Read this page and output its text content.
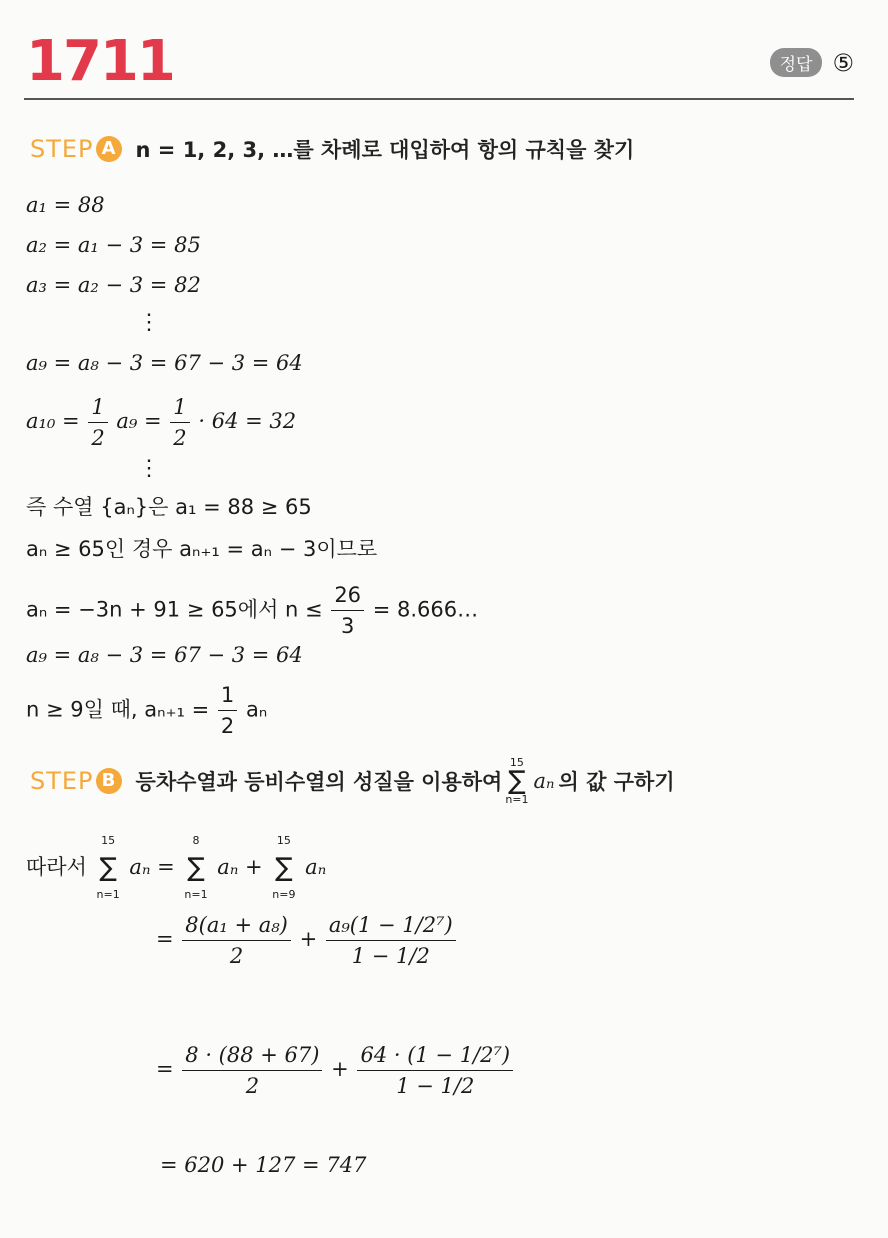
1711	정답 ⑤
STEP A n = 1, 2, 3, …를 차례로 대입하여 항의 규칙을 찾기
a₁ = 88
a₂ = a₁ − 3 = 85
a₃ = a₂ − 3 = 82
⋮
a₉ = a₈ − 3 = 67 − 3 = 64
$a_{10} = \frac{1}{2} a_9 = \frac{1}{2} \cdot 64 = 32$
⋮
즉 수열 {aₙ}은 a₁ = 88 ≥ 65
aₙ ≥ 65인 경우 aₙ₊₁ = aₙ − 3이므로
aₙ = −3n + 91 ≥ 65에서 $n \le \frac{26}{3}$ = 8.666…
a₉ = a₈ − 3 = 67 − 3 = 64
n ≥ 9일 때, $a_{n+1} = \frac{1}{2}$ aₙ
STEP B 등차수열과 등비수열의 성질을 이용하여
15
∑
n=1
aₙ 의 값 구하기
따라서
15
∑
n=1
aₙ =
8
∑
n=1
aₙ +
15
∑
n=9
aₙ
= $\frac{\text{8(a₁ + a₈)}}{2} + \frac{\text{a₉(1 − 1/2⁷)}}{1 - 1/2}$
= $\frac{8 \cdot (88 + 67)}{2} + \frac{\text{64 · (1 − 1/2⁷)}}{1 - 1/2}$
= 620 + 127 = 747
